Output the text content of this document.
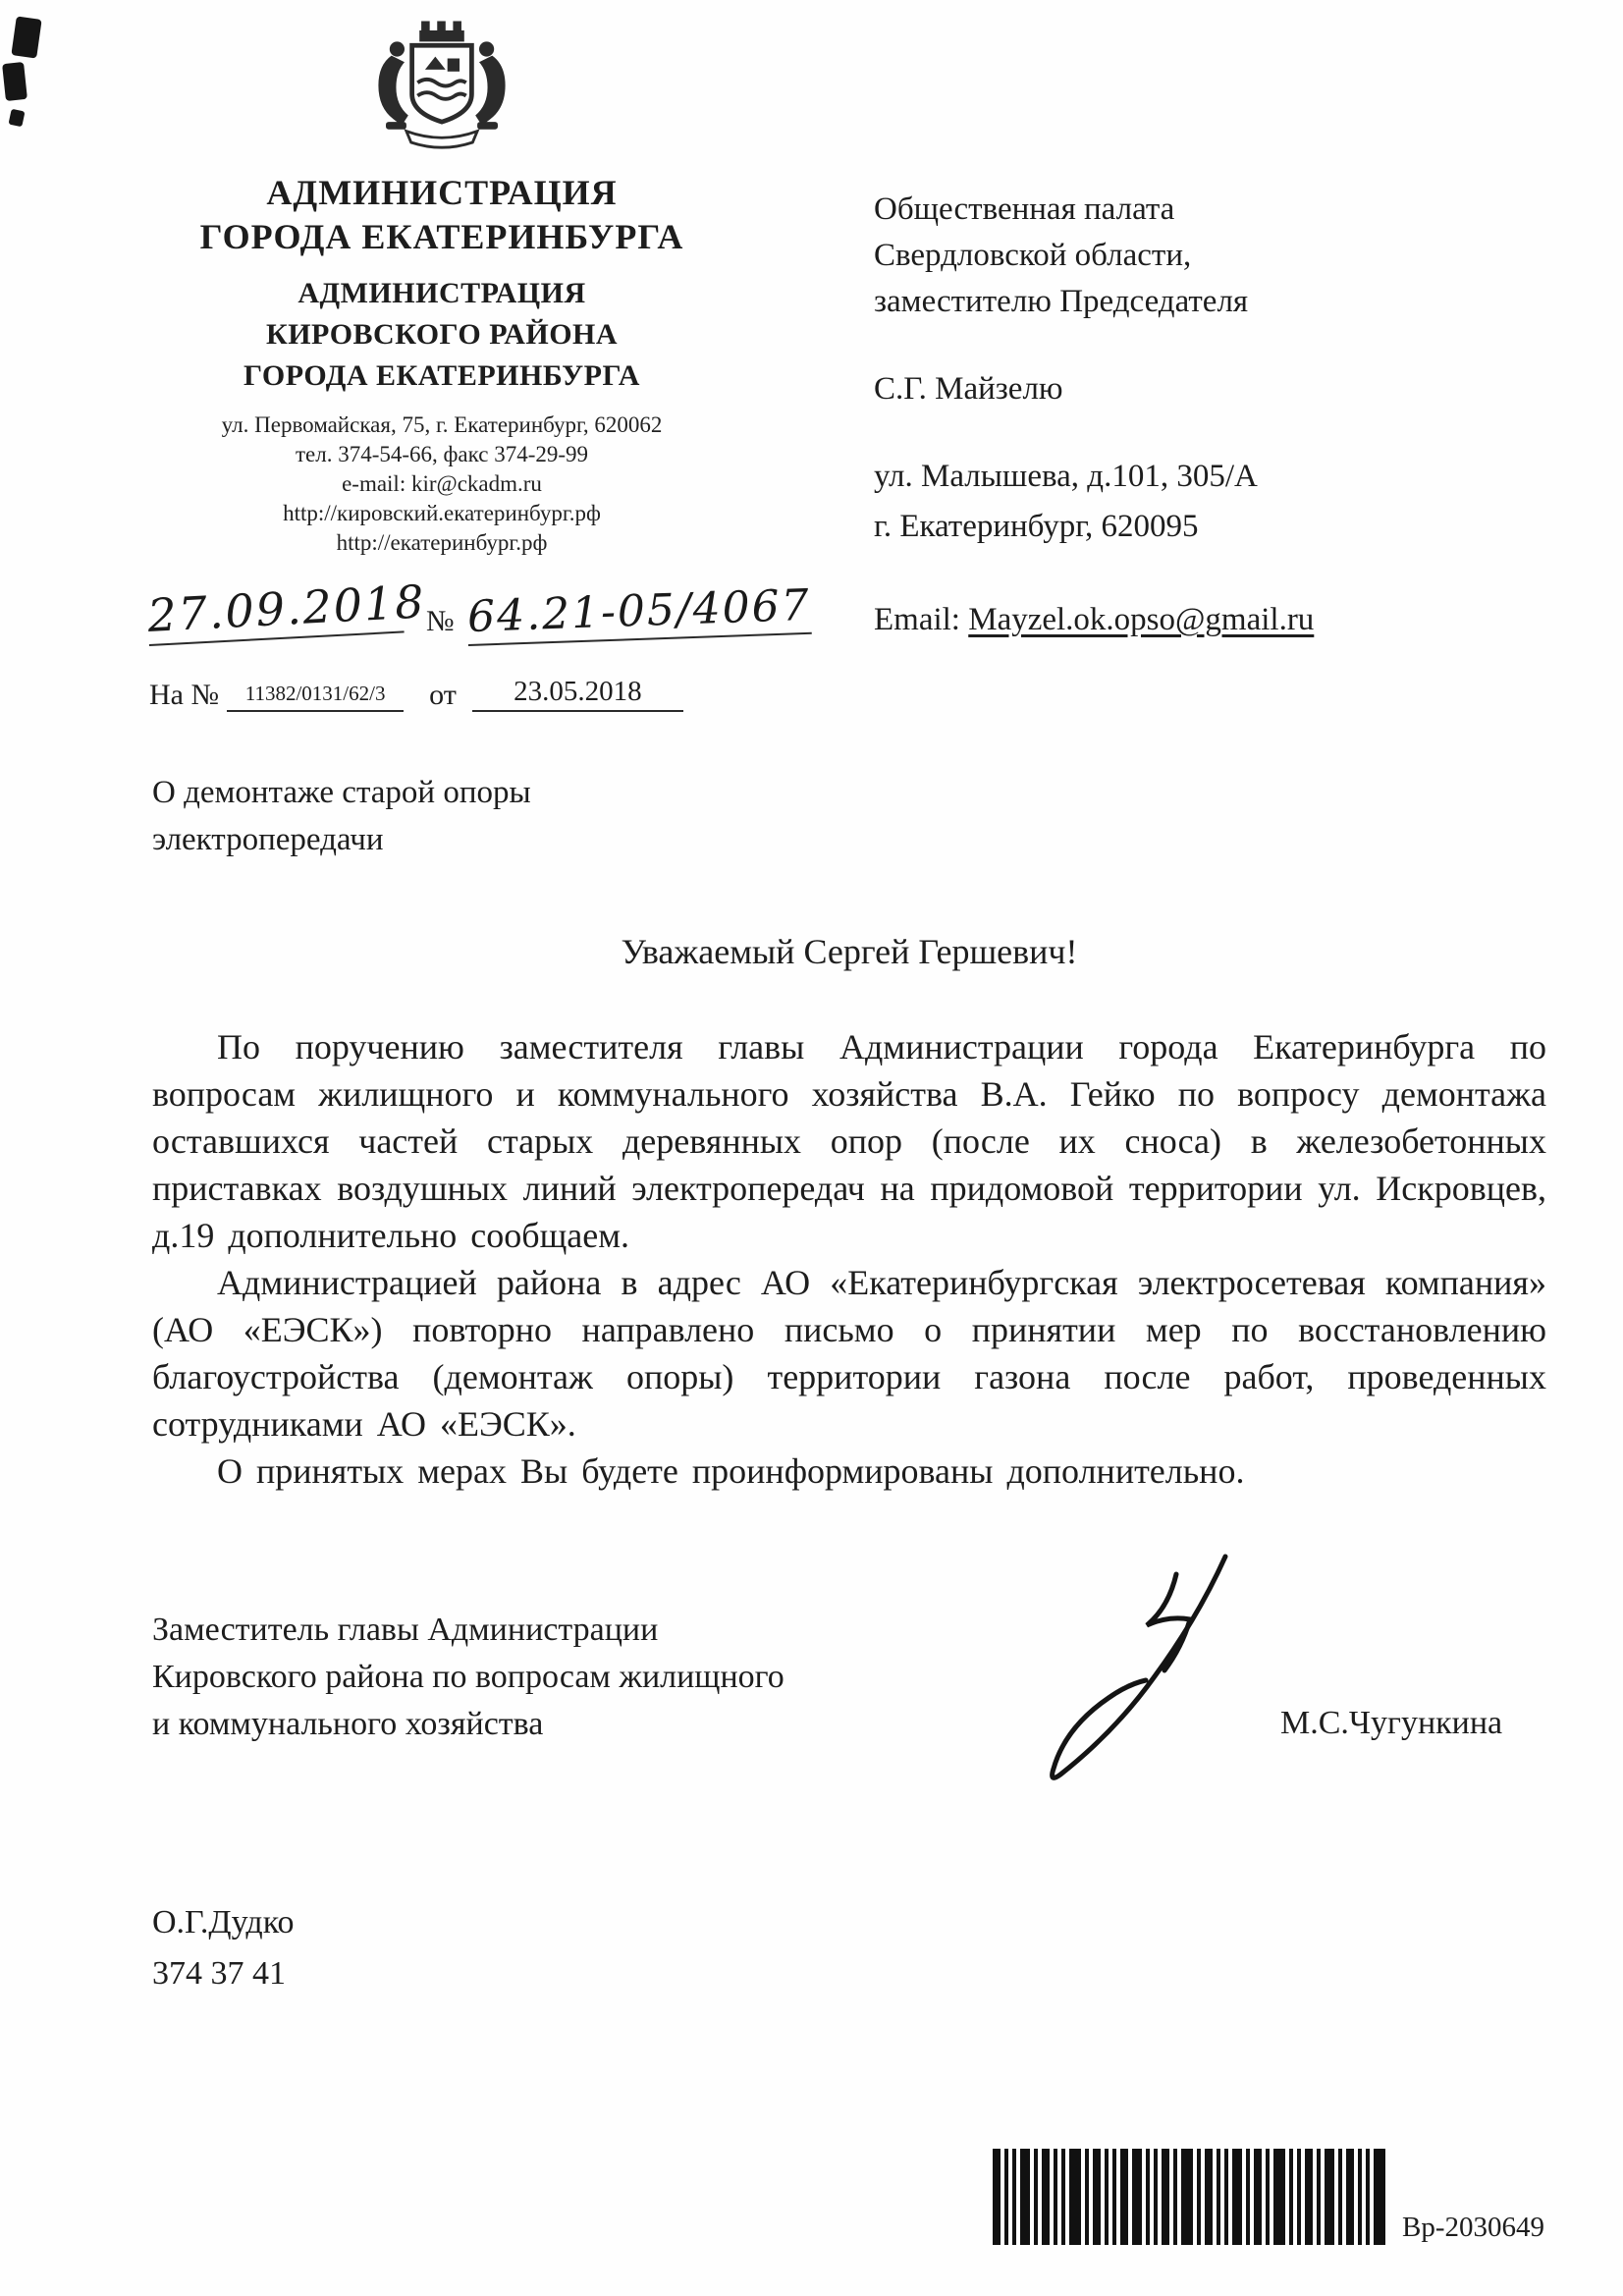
АДМИНИСТРАЦИЯ
ГОРОДА ЕКАТЕРИНБУРГА
АДМИНИСТРАЦИЯ
КИРОВСКОГО РАЙОНА
ГОРОДА ЕКАТЕРИНБУРГА
ул. Первомайская, 75, г. Екатеринбург, 620062
тел. 374-54-66, факс 374-29-99
e-mail: kir@ckadm.ru
http://кировский.екатеринбург.рф
http://екатеринбург.рф
27.09.2018 № 64.21-05/4067
На №	11382/0131/62/3	от	23.05.2018
Общественная палата
Свердловской области,
заместителю Председателя
С.Г. Майзелю
ул. Малышева, д.101, 305/А
г. Екатеринбург, 620095
Email: Mayzel.ok.opso@gmail.ru
О демонтаже старой опоры
электропередачи
Уважаемый Сергей Гершевич!

По поручению заместителя главы Администрации города Екатеринбурга по вопросам жилищного и коммунального хозяйства В.А. Гейко по вопросу демонтажа оставшихся частей старых деревянных опор (после их сноса) в железобетонных приставках воздушных линий электропередач на придомовой территории ул. Искровцев, д.19 дополнительно сообщаем.

Администрацией района в адрес АО «Екатеринбургская электросетевая компания» (АО «ЕЭСК») повторно направлено письмо о принятии мер по восстановлению благоустройства (демонтаж опоры) территории газона после работ, проведенных сотрудниками АО «ЕЭСК».

О принятых мерах Вы будете проинформированы дополнительно.

Заместитель главы Администрации
Кировского района по вопросам жилищного
и коммунального хозяйства	М.С.Чугункина
О.Г.Дудко
374 37 41
Вр-2030649
